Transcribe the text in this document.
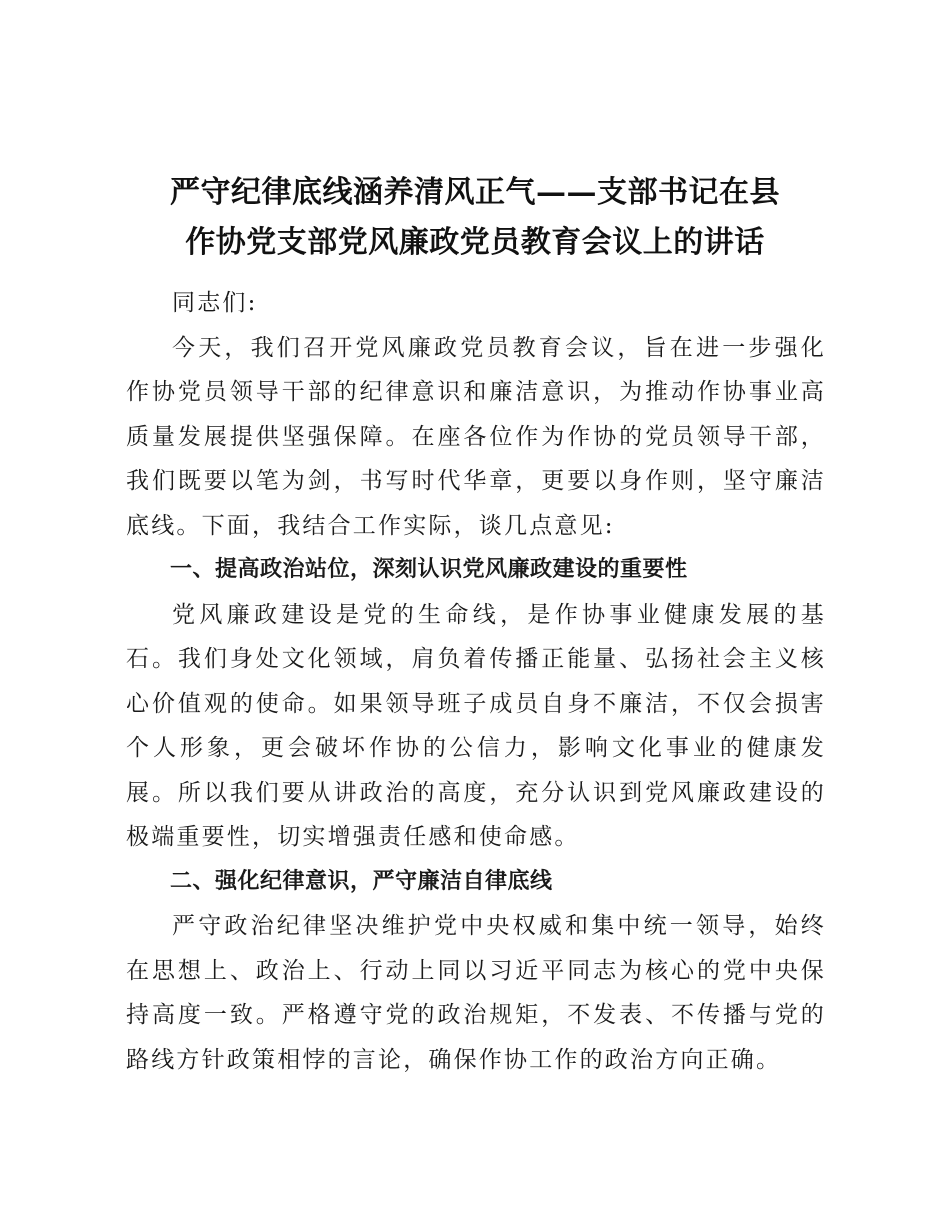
严守纪律底线涵养清风正气——支部书记在县
作协党支部党风廉政党员教育会议上的讲话

同志们:

今天，我们召开党风廉政党员教育会议，旨在进一步强化作协党员领导干部的纪律意识和廉洁意识，为推动作协事业高质量发展提供坚强保障。在座各位作为作协的党员领导干部，我们既要以笔为剑，书写时代华章，更要以身作则，坚守廉洁底线。下面，我结合工作实际，谈几点意见:

一、提高政治站位，深刻认识党风廉政建设的重要性

党风廉政建设是党的生命线，是作协事业健康发展的基石。我们身处文化领域，肩负着传播正能量、弘扬社会主义核心价值观的使命。如果领导班子成员自身不廉洁，不仅会损害个人形象，更会破坏作协的公信力，影响文化事业的健康发展。所以我们要从讲政治的高度，充分认识到党风廉政建设的极端重要性，切实增强责任感和使命感。

二、强化纪律意识，严守廉洁自律底线

严守政治纪律坚决维护党中央权威和集中统一领导，始终在思想上、政治上、行动上同以习近平同志为核心的党中央保持高度一致。严格遵守党的政治规矩，不发表、不传播与党的路线方针政策相悖的言论，确保作协工作的政治方向正确。
